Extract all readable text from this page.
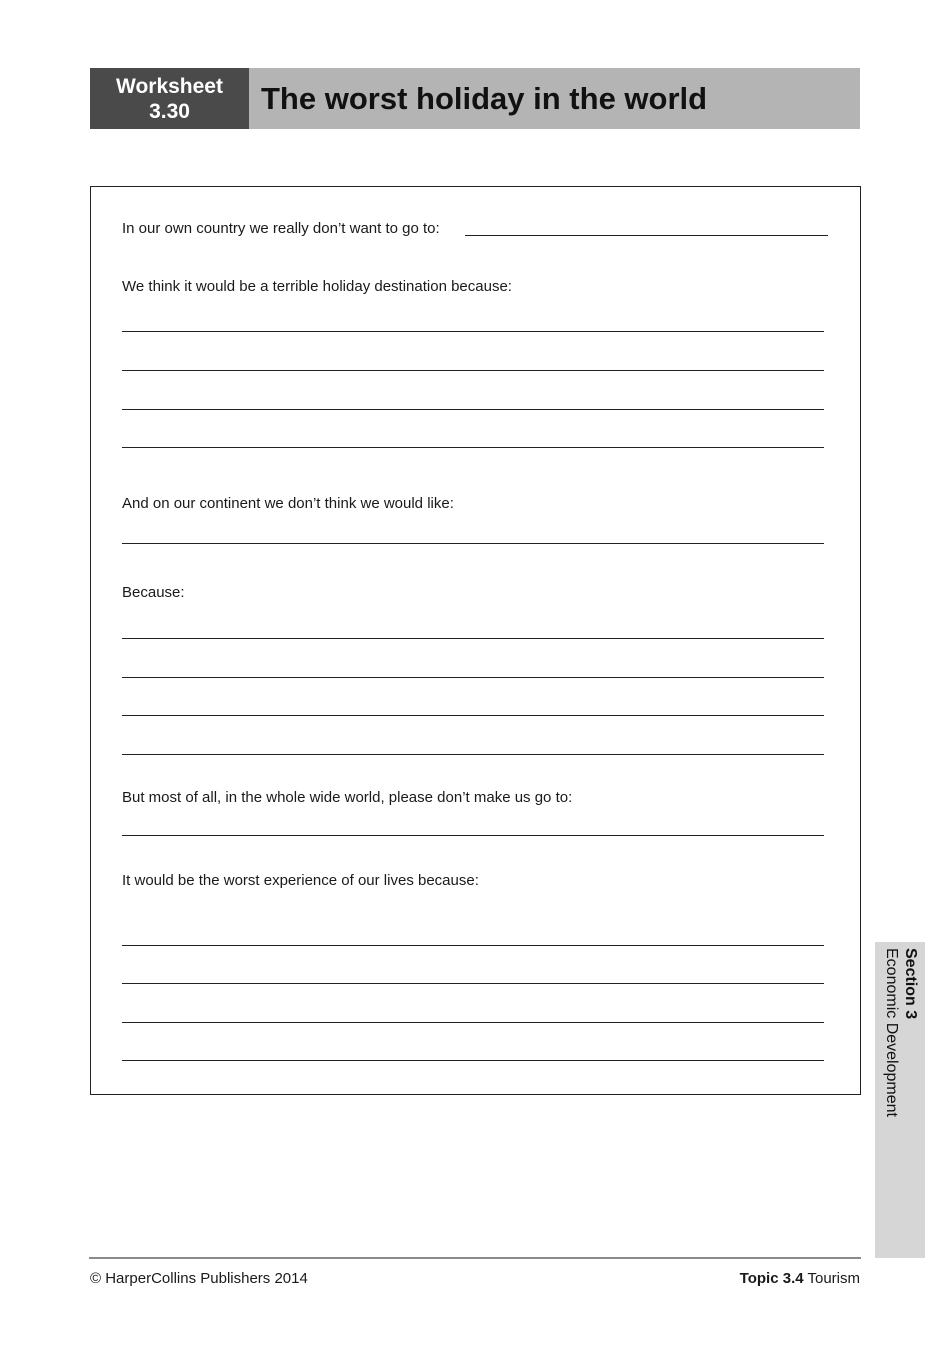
Worksheet
3.30 The worst holiday in the world
In our own country we really don’t want to go to:
We think it would be a terrible holiday destination because:
And on our continent we don’t think we would like:
Because:
But most of all, in the whole wide world, please don’t make us go to:
It would be the worst experience of our lives because:
Section 3
Economic Development
© HarperCollins Publishers 2014	Topic 3.4 Tourism
